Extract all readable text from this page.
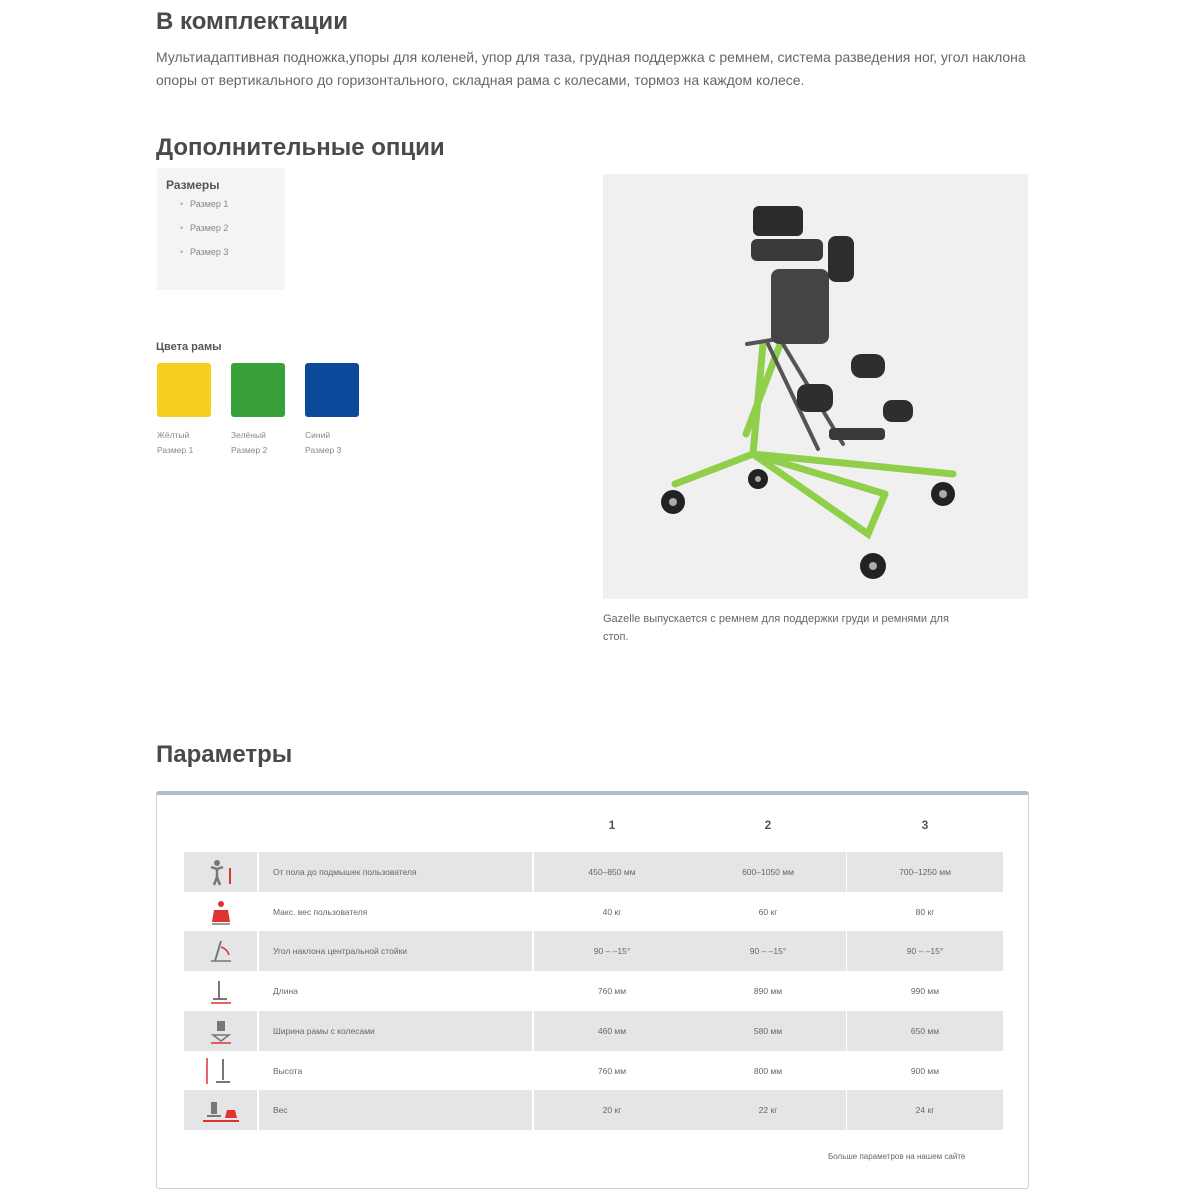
В комплектации
Мультиадаптивная подножка,упоры для коленей, упор для таза, грудная поддержка с ремнем, система разведения ног, угол наклона опоры от вертикального до горизонтального, складная рама с колесами, тормоз на каждом колесе.
Дополнительные опции
Размеры
• Размер 1
• Размер 2
• Размер 3
Цвета рамы
Жёлтый
Размер 1
Зелёный
Размер 2
Синий
Размер 3
Gazelle выпускается с ремнем для поддержки груди и ремнями для стоп.
Параметры
1	2	3
От пола до подмышек пользователя	450–850 мм	600–1050 мм	700–1250 мм
Макс. вес пользователя	40 кг	60 кг	80 кг
Угол наклона центральной стойки	90 – –15°	90 – –15°	90 – –15°
Длина	760 мм	890 мм	990 мм
Ширина рамы с колесами	460 мм	580 мм	650 мм
Высота	760 мм	800 мм	900 мм
Вес	20 кг	22 кг	24 кг
Больше параметров на нашем сайте
